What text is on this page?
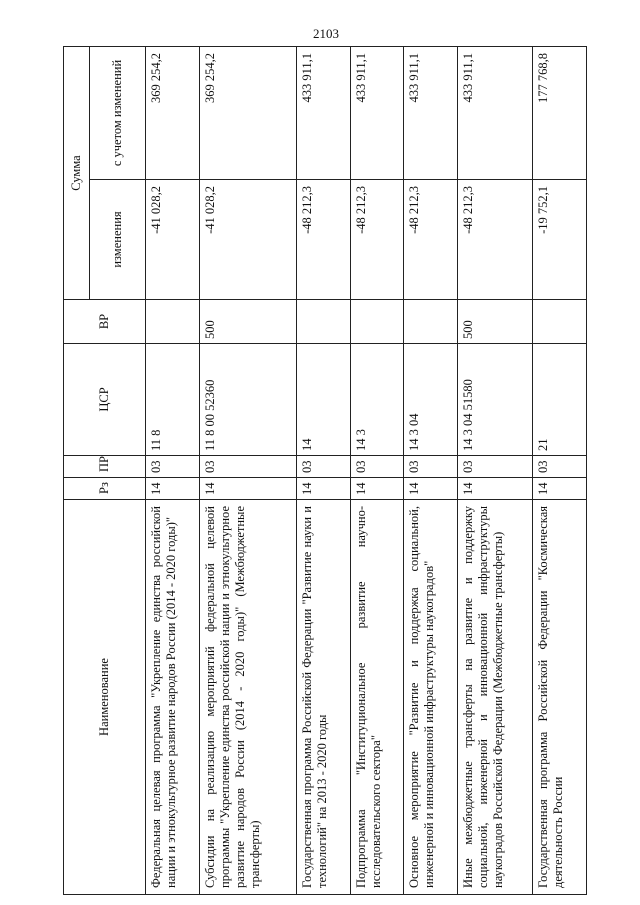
2103
Наименование	Рз	ПР	ЦСР	ВР	Сумма	
					изменения	с учетом изменений
Федеральная целевая программа "Укрепление единства российской нации и этнокультурное развитие народов России (2014 - 2020 годы)"	14	03	11 8		-41 028,2	369 254,2
Субсидии на реализацию мероприятий федеральной целевой программы "Укрепление единства российской нации и этнокультурное развитие народов России (2014 - 2020 годы)" (Межбюджетные трансферты)	14	03	11 8 00 52360	500	-41 028,2	369 254,2
Государственная программа Российской Федерации "Развитие науки и технологий" на 2013 - 2020 годы	14	03	14		-48 212,3	433 911,1
Подпрограмма "Институциональное развитие научно-исследовательского сектора"	14	03	14 3		-48 212,3	433 911,1
Основное мероприятие "Развитие и поддержка социальной, инженерной и инновационной инфраструктуры наукоградов"	14	03	14 3 04		-48 212,3	433 911,1
Иные межбюджетные трансферты на развитие и поддержку социальной, инженерной и инновационной инфраструктуры наукоградов Российской Федерации (Межбюджетные трансферты)	14	03	14 3 04 51580	500	-48 212,3	433 911,1
Государственная программа Российской Федерации "Космическая деятельность России	14	03	21		-19 752,1	177 768,8
